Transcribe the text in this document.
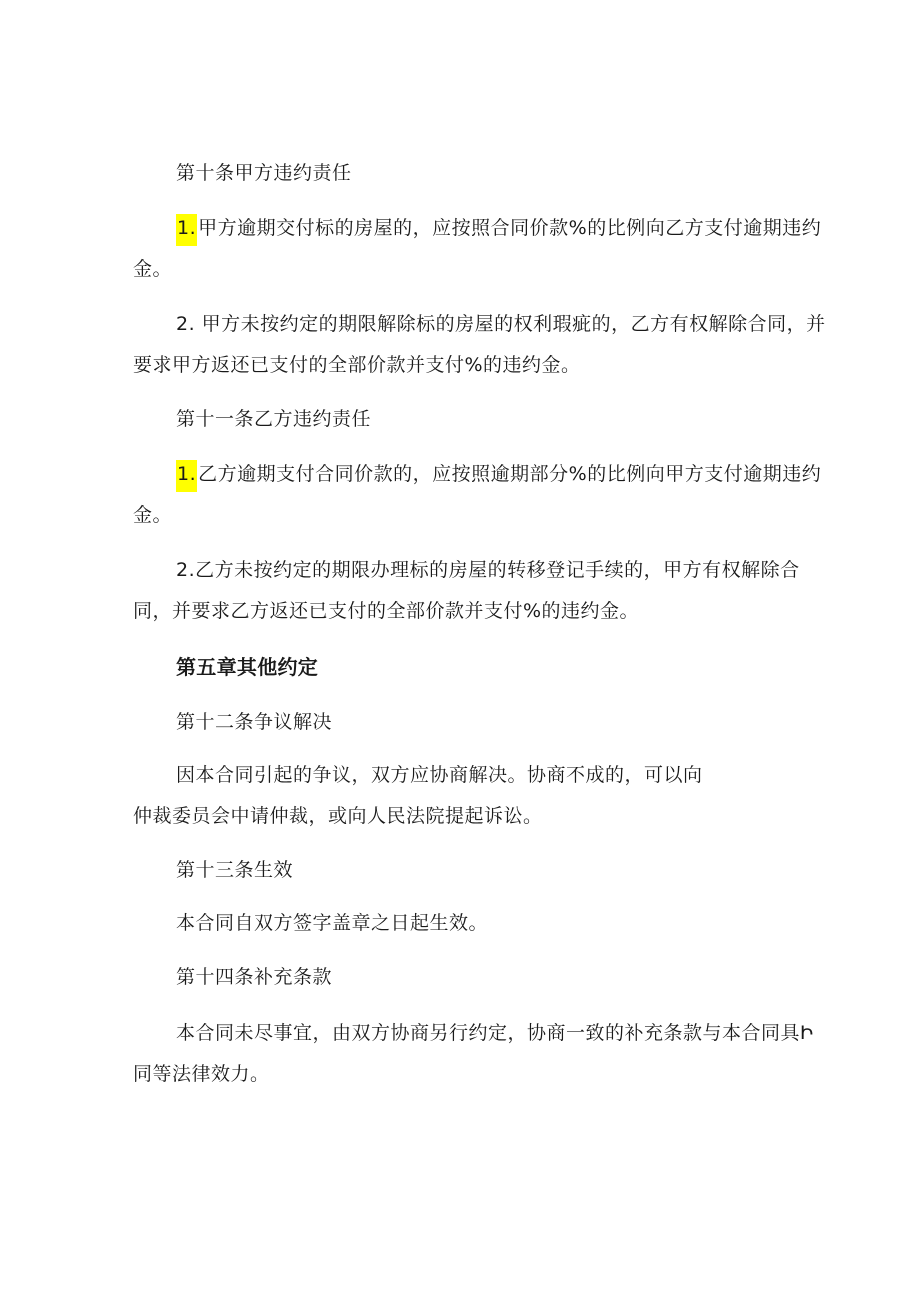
第十条甲方违约责任
1. 甲方逾期交付标的房屋的，应按照合同价款%的比例向乙方支付逾期违约
金。
2. 甲方未按约定的期限解除标的房屋的权利瑕疵的，乙方有权解除合同，并
要求甲方返还已支付的全部价款并支付%的违约金。
第十一条乙方违约责任
1. 乙方逾期支付合同价款的，应按照逾期部分%的比例向甲方支付逾期违约
金。
2.乙方未按约定的期限办理标的房屋的转移登记手续的，甲方有权解除合
同，并要求乙方返还已支付的全部价款并支付%的违约金。
第五章其他约定
第十二条争议解决
因本合同引起的争议，双方应协商解决。协商不成的，可以向
仲裁委员会中请仲裁，或向人民法院提起诉讼。
第十三条生效
本合同自双方签字盖章之日起生效。
第十四条补充条款
本合同未尽事宜，由双方协商另行约定，协商一致的补充条款与本合同具Ի
同等法律效力。
